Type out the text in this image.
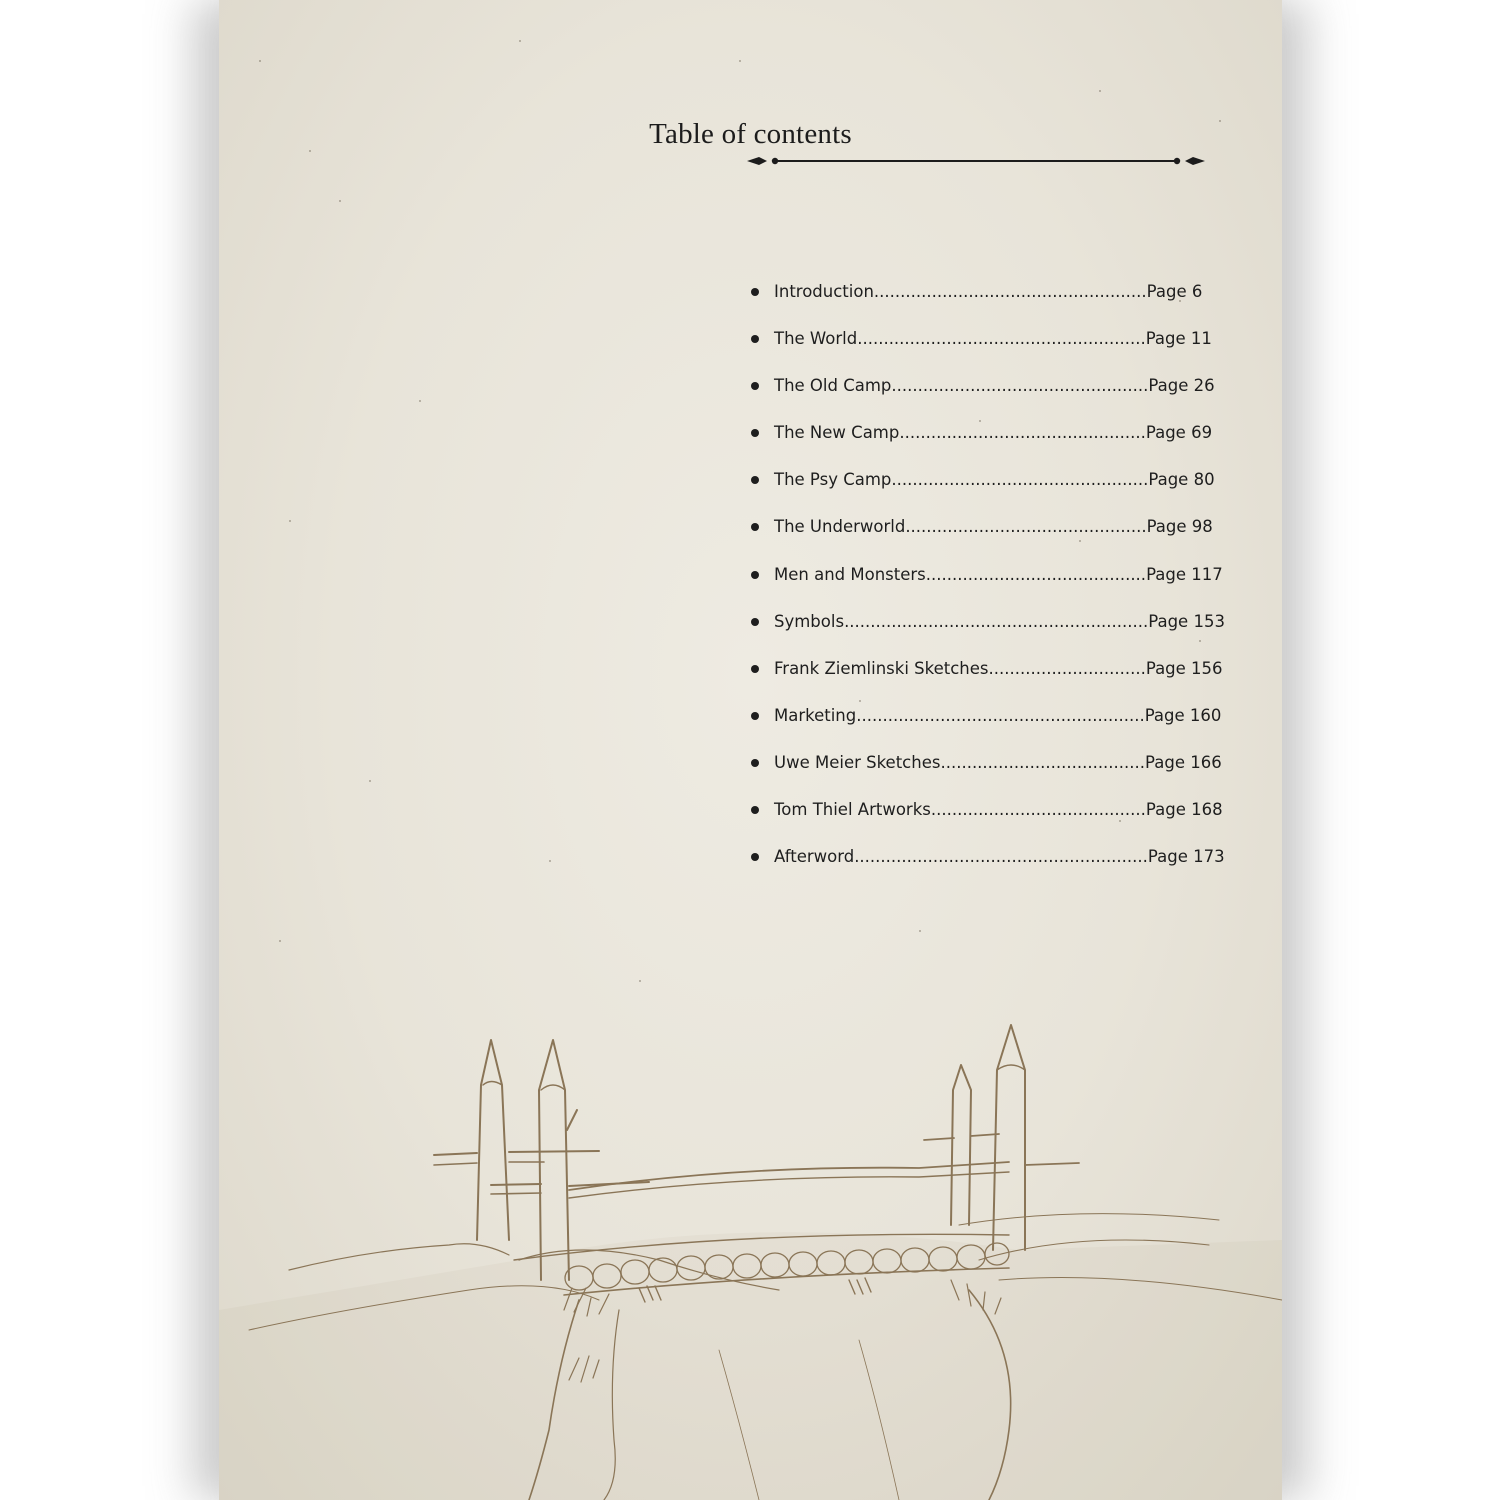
Table of contents
Introduction....................................................Page 6
The World.......................................................Page 11
The Old Camp.................................................Page 26
The New Camp...............................................Page 69
The Psy Camp.................................................Page 80
The Underworld..............................................Page 98
Men and Monsters..........................................Page 117
Symbols..........................................................Page 153
Frank Ziemlinski Sketches..............................Page 156
Marketing.......................................................Page 160
Uwe Meier Sketches.......................................Page 166
Tom Thiel Artworks.........................................Page 168
Afterword........................................................Page 173
